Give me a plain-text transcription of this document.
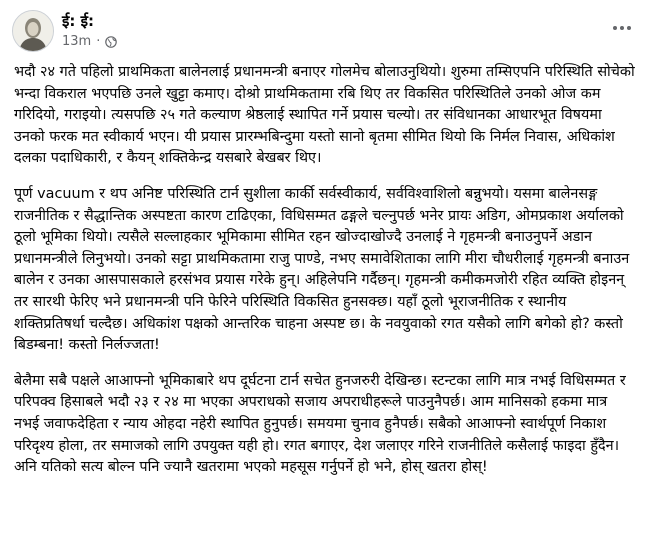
ई: ई:
13m ·

भदौ २४ गते पहिलो प्राथमिकता बालेनलाई प्रधानमन्त्री बनाएर गोलमेच बोलाउनुथियो। शुरुमा तम्सिएपनि परिस्थिति सोचेको भन्दा विकराल भएपछि उनले खुट्टा कमाए। दोश्रो प्राथमिकतामा रबि थिए तर विकसित परिस्थितिले उनको ओज कम गरिदियो, गराइयो। त्यसपछि २५ गते कल्याण श्रेष्ठलाई स्थापित गर्ने प्रयास चल्यो। तर संविधानका आधारभूत विषयमा उनको फरक मत स्वीकार्य भएन। यी प्रयास प्रारम्भबिन्दुमा यस्तो सानो बृतमा सीमित थियो कि निर्मल निवास, अधिकांश दलका पदाधिकारी, र कैयन् शक्तिकेन्द्र यसबारे बेखबर थिए।

पूर्ण vacuum र थप अनिष्ट परिस्थिति टार्न सुशीला कार्की सर्वस्वीकार्य, सर्वविश्वाशिलो बन्नुभयो। यसमा बालेनसङ्ग राजनीतिक र सैद्धान्तिक अस्पष्टता कारण टाढिएका, विधिसम्मत ढङ्गले चल्नुपर्छ भनेर प्रायः अडिग, ओमप्रकाश अर्यालको ठूलो भूमिका थियो। त्यसैले सल्लाहकार भूमिकामा सीमित रहन खोज्दाखोज्दै उनलाई ने गृहमन्त्री बनाउनुपर्ने अडान प्रधानमन्त्रीले लिनुभयो। उनको सट्टा प्राथमिकतामा राजु पाण्डे, नभए समावेशिताका लागि मीरा चौधरीलाई गृहमन्त्री बनाउन बालेन र उनका आसपासकाले हरसंभव प्रयास गरेके हुन्। अहिलेपनि गर्दैछन्। गृहमन्त्री कमीकमजोरी रहित व्यक्ति होइनन् तर सारथी फेरिए भने प्रधानमन्त्री पनि फेरिने परिस्थिति विकसित हुनसक्छ। यहाँ ठूलो भूराजनीतिक र स्थानीय शक्तिप्रतिषर्धा चल्दैछ। अधिकांश पक्षको आन्तरिक चाहना अस्पष्ट छ। के नवयुवाको रगत यसैको लागि बगेको हो? कस्तो बिडम्बना! कस्तो निर्लज्जता!

बेलैमा सबै पक्षले आआफ्नो भूमिकाबारे थप दूर्घटना टार्न सचेत हुनजरुरी देखिन्छ। स्टन्टका लागि मात्र नभई विधिसम्मत र परिपक्व हिसाबले भदौ २३ र २४ मा भएका अपराधको सजाय अपराधीहरूले पाउनुनैपर्छ। आम मानिसको हकमा मात्र नभई जवाफदेहिता र न्याय ओहदा नहेरी स्थापित हुनुपर्छ। समयमा चुनाव हुनैपर्छ। सबैको आआफ्नो स्वार्थपूर्ण निकाश परिदृश्य होला, तर समाजको लागि उपयुक्त यही हो। रगत बगाएर, देश जलाएर गरिने राजनीतिले कसैलाई फाइदा हुँदैन। अनि यतिको सत्य बोल्न पनि ज्यानै खतरामा भएको महसूस गर्नुपर्ने हो भने, होस् खतरा होस्!
